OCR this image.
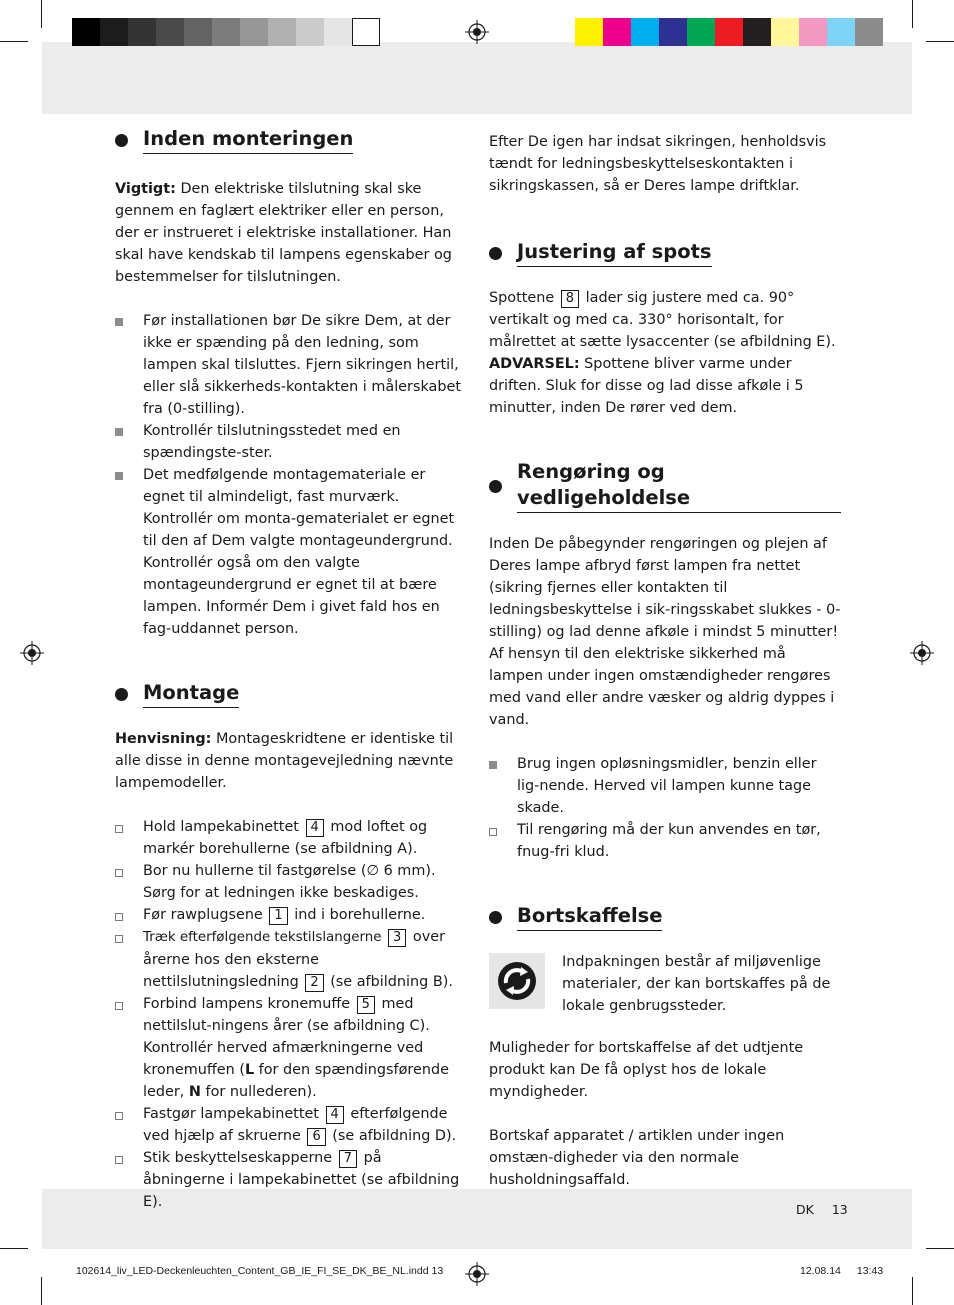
Inden monteringen

Vigtigt: Den elektriske tilslutning skal ske gennem en faglært elektriker eller en person, der er instrueret i elektriske installationer. Han skal have kendskab til lampens egenskaber og bestemmelser for tilslutningen.

Før installationen bør De sikre Dem, at der ikke er spænding på den ledning, som lampen skal tilsluttes. Fjern sikringen hertil, eller slå sikkerheds-kontakten i målerskabet fra (0-stilling).
Kontrollér tilslutningsstedet med en spændingste-ster.
Det medfølgende montagemateriale er egnet til almindeligt, fast murværk. Kontrollér om monta-gematerialet er egnet til den af Dem valgte montageundergrund. Kontrollér også om den valgte montageundergrund er egnet til at bære lampen. Informér Dem i givet fald hos en fag-uddannet person.
Montage

Henvisning: Montageskridtene er identiske til alle disse in denne montagevejledning nævnte lampemodeller.

Hold lampekabinettet 4 mod loftet og markér borehullerne (se afbildning A).
Bor nu hullerne til fastgørelse (∅ 6 mm). Sørg for at ledningen ikke beskadiges.
Før rawplugsene 1 ind i borehullerne.
Træk efterfølgende tekstilslangerne 3 over årerne hos den eksterne nettilslutningsledning 2 (se afbildning B).
Forbind lampens kronemuffe 5 med nettilslut-ningens årer (se afbildning C). Kontrollér herved afmærkningerne ved kronemuffen (L for den spændingsførende leder, N for nullederen).
Fastgør lampekabinettet 4 efterfølgende ved hjælp af skruerne 6 (se afbildning D).
Stik beskyttelseskapperne 7 på åbningerne i lampekabinettet (se afbildning E).

Efter De igen har indsat sikringen, henholdsvis tændt for ledningsbeskyttelseskontakten i sikringskassen, så er Deres lampe driftklar.

Justering af spots

Spottene 8 lader sig justere med ca. 90° vertikalt og med ca. 330° horisontalt, for målrettet at sætte lysaccenter (se afbildning E).

ADVARSEL: Spottene bliver varme under driften. Sluk for disse og lad disse afkøle i 5 minutter, inden De rører ved dem.

Rengøring og vedligeholdelse

Inden De påbegynder rengøringen og plejen af Deres lampe afbryd først lampen fra nettet (sikring fjernes eller kontakten til ledningsbeskyttelse i sik-ringsskabet slukkes - 0-stilling) og lad denne afkøle i mindst 5 minutter!

Af hensyn til den elektriske sikkerhed må lampen under ingen omstændigheder rengøres med vand eller andre væsker og aldrig dyppes i vand.

Brug ingen opløsningsmidler, benzin eller lig-nende. Herved vil lampen kunne tage skade.
Til rengøring må der kun anvendes en tør, fnug-fri klud.
Bortskaffelse

Indpakningen består af miljøvenlige materialer, der kan bortskaffes på de lokale genbrugssteder.

Muligheder for bortskaffelse af det udtjente produkt kan De få oplyst hos de lokale myndigheder.

Bortskaf apparatet / artiklen under ingen omstæn-digheder via den normale husholdningsaffald.

DK 13
102614_liv_LED-Deckenleuchten_Content_GB_IE_FI_SE_DK_BE_NL.indd 13	12.08.14 13:43
